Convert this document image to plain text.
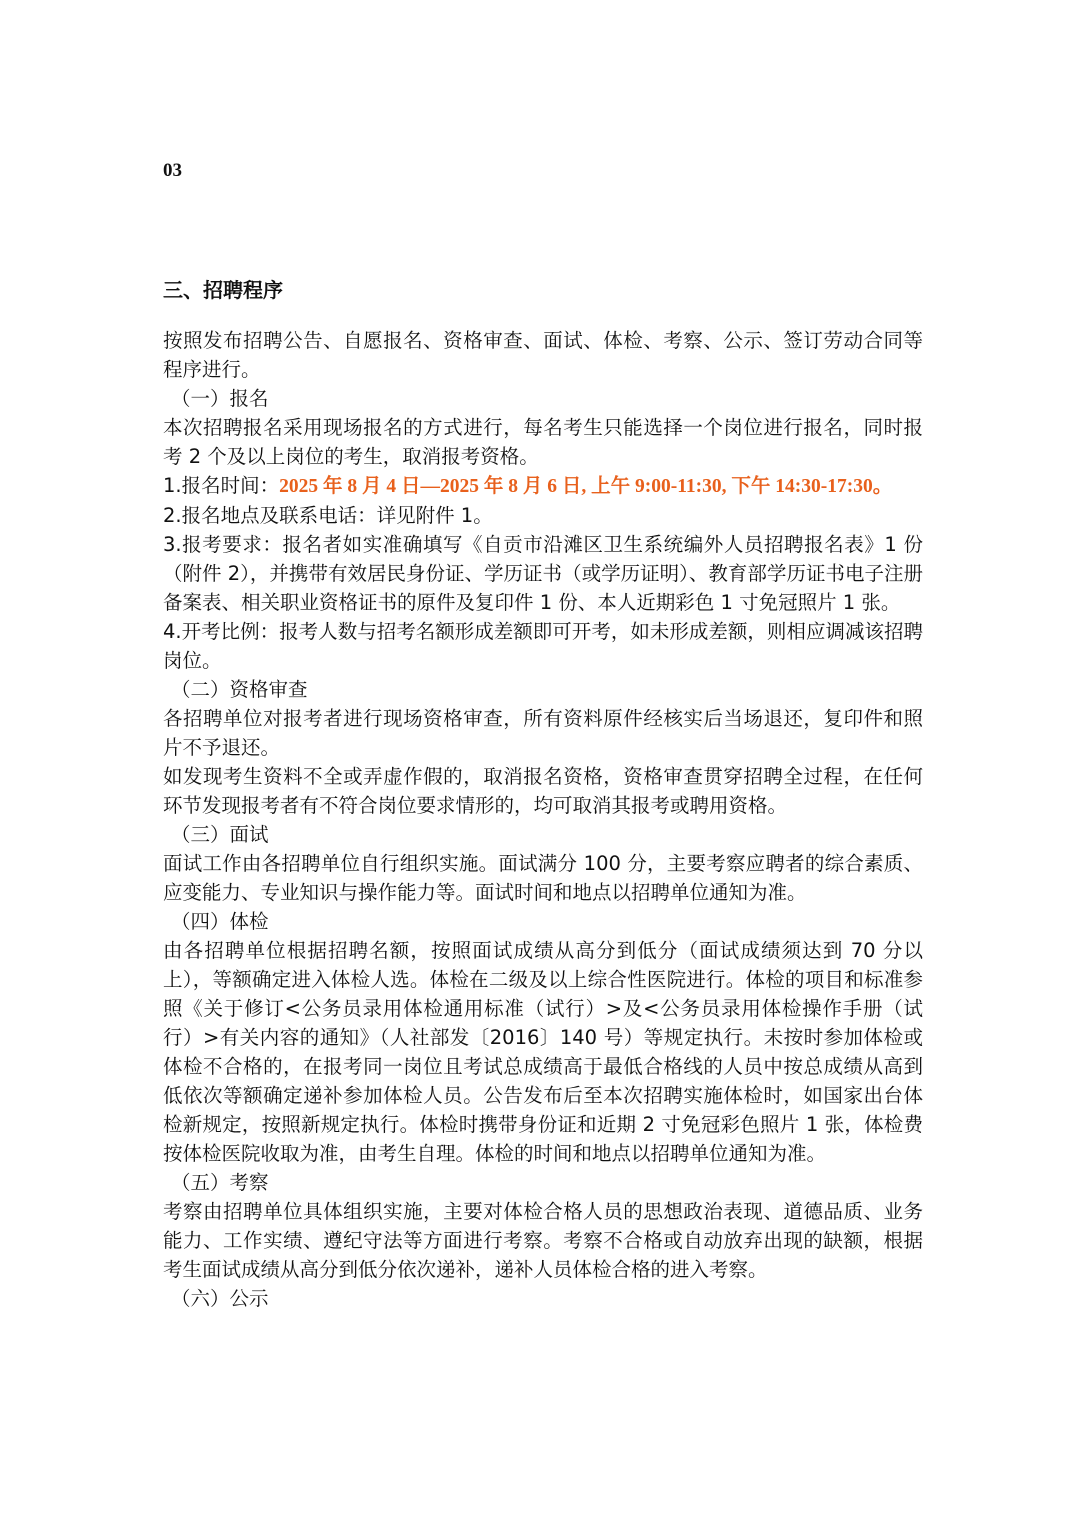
03
三、招聘程序

按照发布招聘公告、自愿报名、资格审查、面试、体检、考察、公示、签订劳动合同等程序进行。

（一）报名

本次招聘报名采用现场报名的方式进行，每名考生只能选择一个岗位进行报名，同时报考 2 个及以上岗位的考生，取消报考资格。

1.报名时间：2025 年 8 月 4 日—2025 年 8 月 6 日, 上午 9:00-11:30, 下午 14:30-17:30。

2.报名地点及联系电话：详见附件 1。

3.报考要求：报名者如实准确填写《自贡市沿滩区卫生系统编外人员招聘报名表》1 份（附件 2），并携带有效居民身份证、学历证书（或学历证明）、教育部学历证书电子注册备案表、相关职业资格证书的原件及复印件 1 份、本人近期彩色 1 寸免冠照片 1 张。

4.开考比例：报考人数与招考名额形成差额即可开考，如未形成差额，则相应调减该招聘岗位。

（二）资格审查

各招聘单位对报考者进行现场资格审查，所有资料原件经核实后当场退还，复印件和照片不予退还。

如发现考生资料不全或弄虚作假的，取消报名资格，资格审查贯穿招聘全过程，在任何环节发现报考者有不符合岗位要求情形的，均可取消其报考或聘用资格。

（三）面试

面试工作由各招聘单位自行组织实施。面试满分 100 分，主要考察应聘者的综合素质、应变能力、专业知识与操作能力等。面试时间和地点以招聘单位通知为准。

（四）体检

由各招聘单位根据招聘名额，按照面试成绩从高分到低分（面试成绩须达到 70 分以上），等额确定进入体检人选。体检在二级及以上综合性医院进行。体检的项目和标准参照《关于修订<公务员录用体检通用标准（试行）>及<公务员录用体检操作手册（试行）>有关内容的通知》（人社部发〔2016〕140 号）等规定执行。未按时参加体检或体检不合格的，在报考同一岗位且考试总成绩高于最低合格线的人员中按总成绩从高到低依次等额确定递补参加体检人员。公告发布后至本次招聘实施体检时，如国家出台体检新规定，按照新规定执行。体检时携带身份证和近期 2 寸免冠彩色照片 1 张，体检费按体检医院收取为准，由考生自理。体检的时间和地点以招聘单位通知为准。

（五）考察

考察由招聘单位具体组织实施，主要对体检合格人员的思想政治表现、道德品质、业务能力、工作实绩、遵纪守法等方面进行考察。考察不合格或自动放弃出现的缺额，根据考生面试成绩从高分到低分依次递补，递补人员体检合格的进入考察。

（六）公示
